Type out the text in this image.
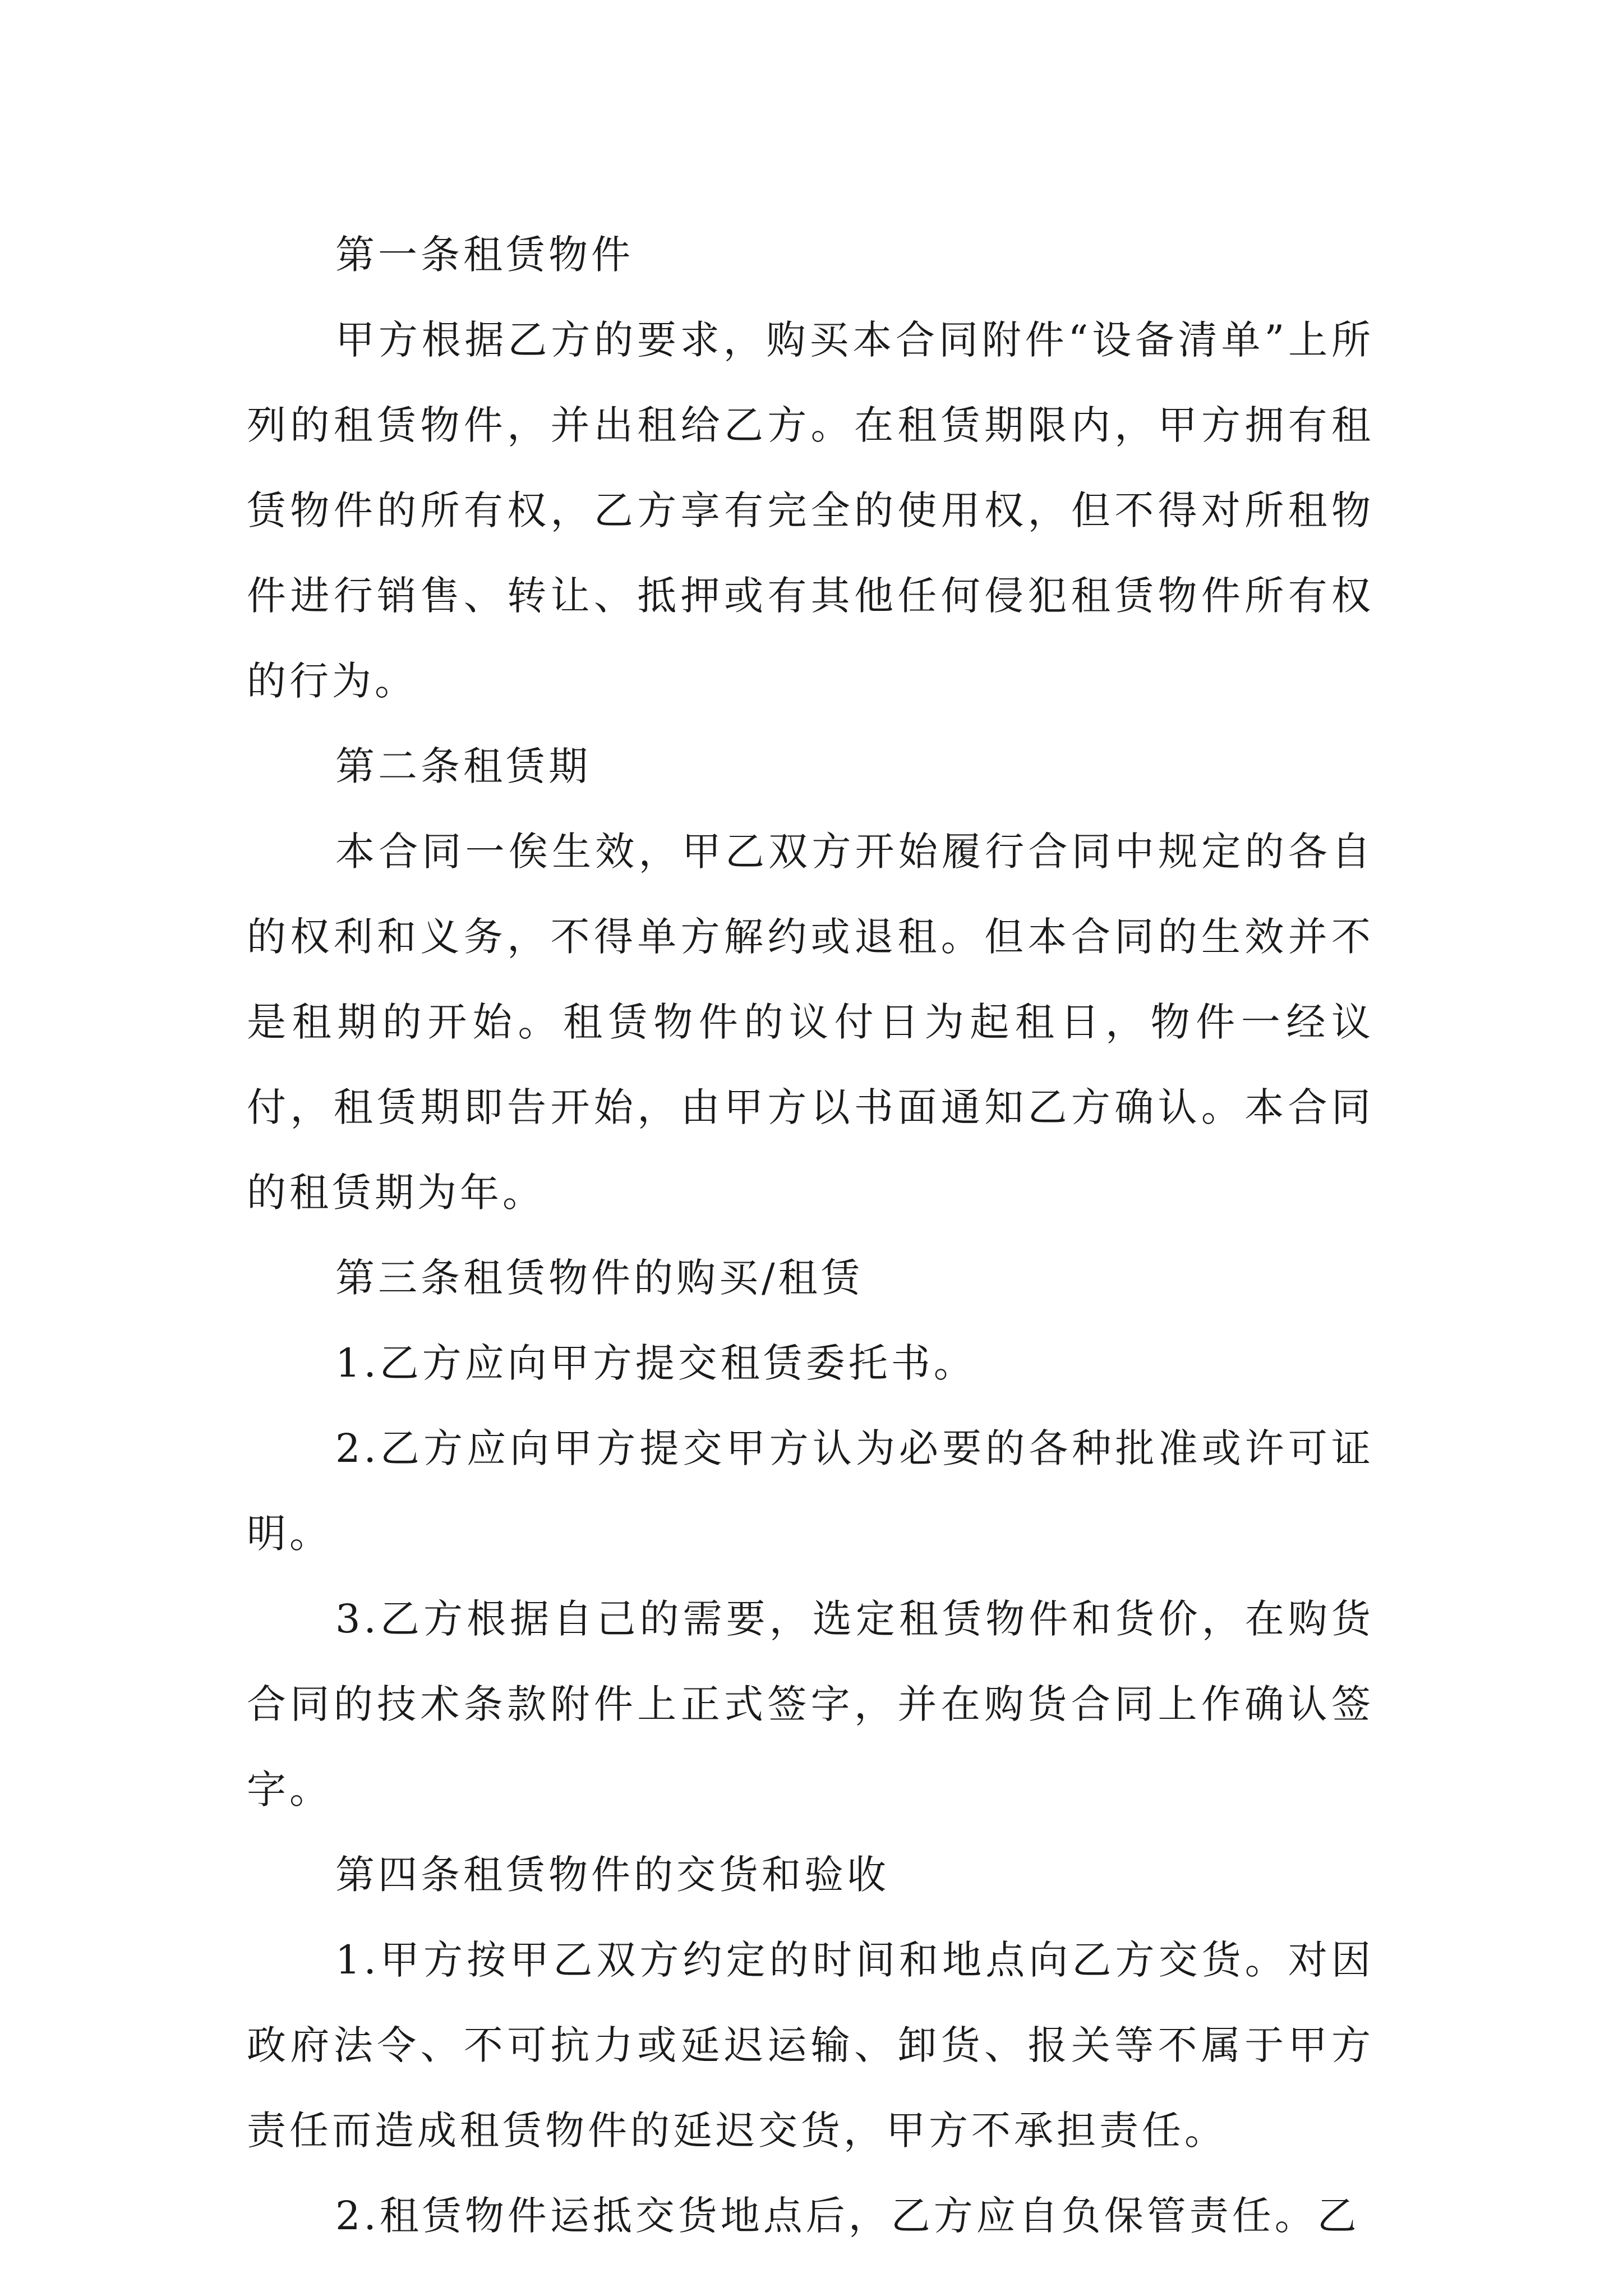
第一条租赁物件

甲方根据乙方的要求，购买本合同附件“设备清单”上所列的租赁物件，并出租给乙方。在租赁期限内，甲方拥有租赁物件的所有权，乙方享有完全的使用权，但不得对所租物件进行销售、转让、抵押或有其他任何侵犯租赁物件所有权的行为。

第二条租赁期

本合同一俟生效，甲乙双方开始履行合同中规定的各自的权利和义务，不得单方解约或退租。但本合同的生效并不是租期的开始。租赁物件的议付日为起租日，物件一经议付，租赁期即告开始，由甲方以书面通知乙方确认。本合同的租赁期为年。

第三条租赁物件的购买/租赁

1.乙方应向甲方提交租赁委托书。

2.乙方应向甲方提交甲方认为必要的各种批准或许可证明。

3.乙方根据自己的需要，选定租赁物件和货价，在购货合同的技术条款附件上正式签字，并在购货合同上作确认签字。

第四条租赁物件的交货和验收

1.甲方按甲乙双方约定的时间和地点向乙方交货。对因政府法令、不可抗力或延迟运输、卸货、报关等不属于甲方责任而造成租赁物件的延迟交货，甲方不承担责任。

2.租赁物件运抵交货地点后，乙方应自负保管责任。乙
